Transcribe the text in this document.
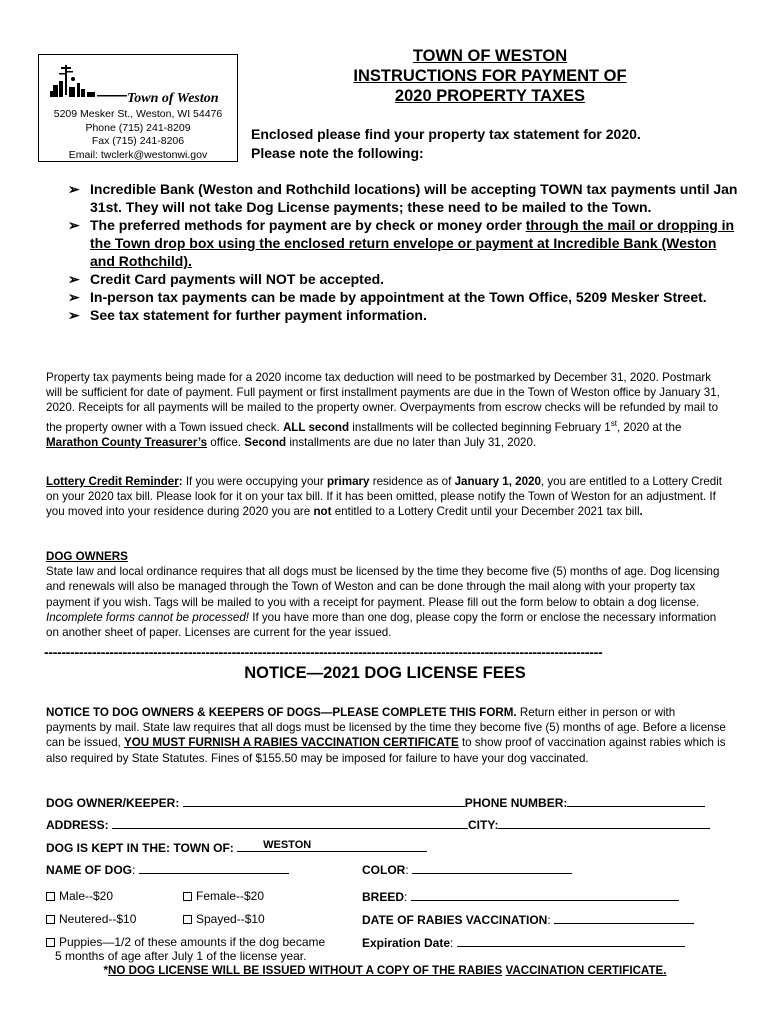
Town of Weston
5209 Mesker St., Weston, WI 54476
Phone (715) 241-8209
Fax (715) 241-8206
Email: twclerk@westonwi.gov
TOWN OF WESTON
INSTRUCTIONS FOR PAYMENT OF
2020 PROPERTY TAXES
Enclosed please find your property tax statement for 2020.
Please note the following:
➢ Incredible Bank (Weston and Rothchild locations) will be accepting TOWN tax payments until Jan 31st. They will not take Dog License payments; these need to be mailed to the Town.
➢ The preferred methods for payment are by check or money order through the mail or dropping in the Town drop box using the enclosed return envelope or payment at Incredible Bank (Weston and Rothchild).
➢ Credit Card payments will NOT be accepted.
➢ In-person tax payments can be made by appointment at the Town Office, 5209 Mesker Street.
➢ See tax statement for further payment information.

Property tax payments being made for a 2020 income tax deduction will need to be postmarked by December 31, 2020. Postmark will be sufficient for date of payment. Full payment or first installment payments are due in the Town of Weston office by January 31, 2020. Receipts for all payments will be mailed to the property owner. Overpayments from escrow checks will be refunded by mail to the property owner with a Town issued check. ALL second installments will be collected beginning February 1st, 2020 at the Marathon County Treasurer’s office. Second installments are due no later than July 31, 2020.

Lottery Credit Reminder: If you were occupying your primary residence as of January 1, 2020, you are entitled to a Lottery Credit on your 2020 tax bill. Please look for it on your tax bill. If it has been omitted, please notify the Town of Weston for an adjustment. If you moved into your residence during 2020 you are not entitled to a Lottery Credit until your December 2021 tax bill.

DOG OWNERS
State law and local ordinance requires that all dogs must be licensed by the time they become five (5) months of age. Dog licensing and renewals will also be managed through the Town of Weston and can be done through the mail along with your property tax payment if you wish. Tags will be mailed to you with a receipt for payment. Please fill out the form below to obtain a dog license. Incomplete forms cannot be processed! If you have more than one dog, please copy the form or enclose the necessary information on another sheet of paper. Licenses are current for the year issued.

--------------------------------------------------------------------------------------------------------------------------------
NOTICE—2021 DOG LICENSE FEES

NOTICE TO DOG OWNERS & KEEPERS OF DOGS—PLEASE COMPLETE THIS FORM. Return either in person or with payments by mail. State law requires that all dogs must be licensed by the time they become five (5) months of age. Before a license can be issued, YOU MUST FURNISH A RABIES VACCINATION CERTIFICATE to show proof of vaccination against rabies which is also required by State Statutes. Fines of $155.50 may be imposed for failure to have your dog vaccinated.

DOG OWNER/KEEPER:	PHONE NUMBER:
ADDRESS:	CITY:
DOG IS KEPT IN THE: TOWN OF:	WESTON
NAME OF DOG:	COLOR:
Male--$20	Female--$20	BREED:
Neutered--$10	Spayed--$10	DATE OF RABIES VACCINATION:
Puppies—1/2 of these amounts if the dog became
5 months of age after July 1 of the license year.
Expiration Date:
*NO DOG LICENSE WILL BE ISSUED WITHOUT A COPY OF THE RABIES VACCINATION CERTIFICATE.
